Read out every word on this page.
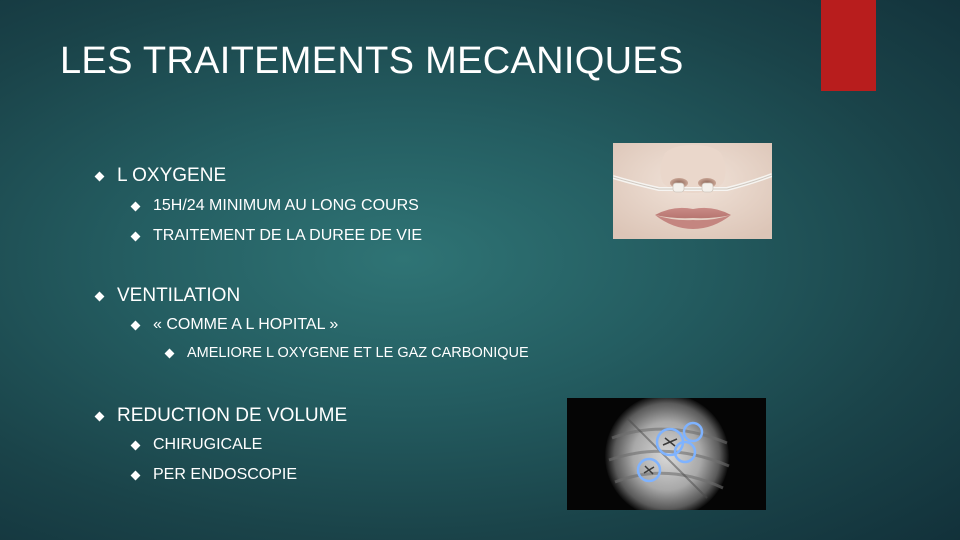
LES TRAITEMENTS MECANIQUES
L OXYGENE
15H/24 MINIMUM AU LONG COURS
TRAITEMENT DE LA DUREE DE VIE
VENTILATION
« COMME A L HOPITAL »
AMELIORE L OXYGENE ET LE GAZ CARBONIQUE
REDUCTION DE VOLUME
CHIRUGICALE
PER ENDOSCOPIE
